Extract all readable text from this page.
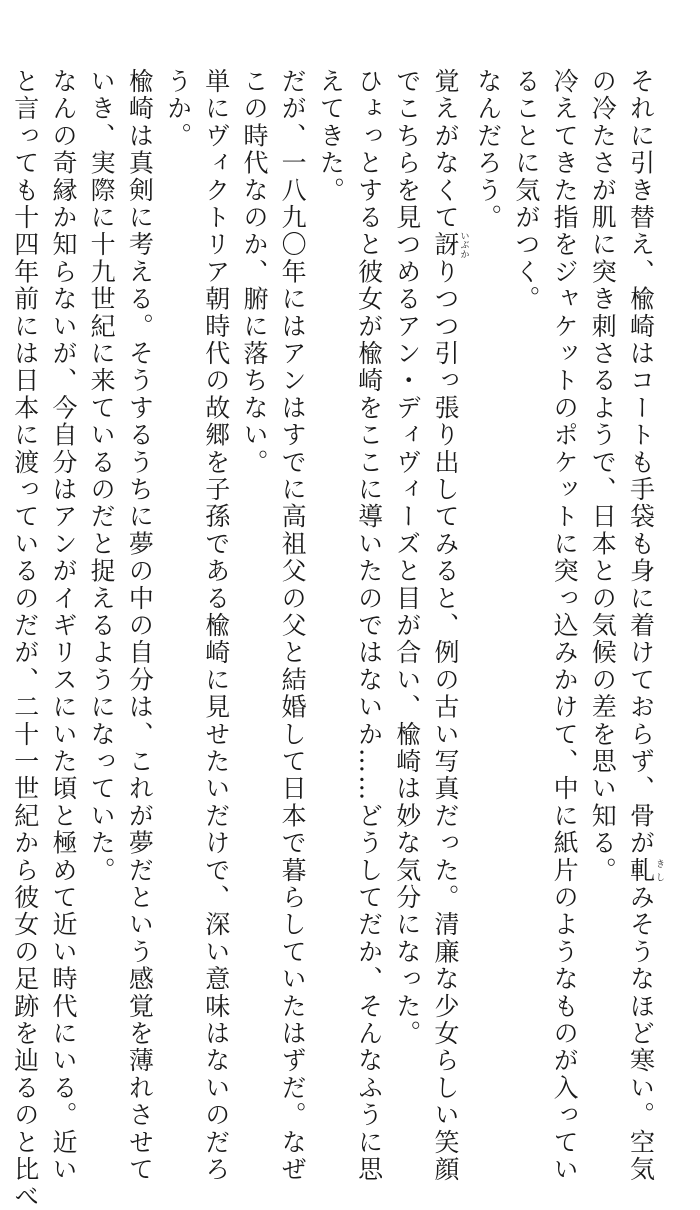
それに引き替え、楡崎はコートも手袋も身に着けておらず、骨が軋きしみそうなほど寒い。空気
の冷たさが肌に突き刺さるようで、日本との気候の差を思い知る。
冷えてきた指をジャケットのポケットに突っ込みかけて、中に紙片のようなものが入ってい
ることに気がつく。
なんだろう。
覚えがなくて訝いぶかりつつ引っ張り出してみると、例の古い写真だった。清廉な少女らしい笑顔
でこちらを見つめるアン・ディヴィーズと目が合い、楡崎は妙な気分になった。
ひょっとすると彼女が楡崎をここに導いたのではないか……どうしてだか、そんなふうに思
えてきた。
だが、一八九〇年にはアンはすでに高祖父の父と結婚して日本で暮らしていたはずだ。なぜ
この時代なのか、腑に落ちない。
単にヴィクトリア朝時代の故郷を子孫である楡崎に見せたいだけで、深い意味はないのだろ
うか。
楡崎は真剣に考える。そうするうちに夢の中の自分は、これが夢だという感覚を薄れさせて
いき、実際に十九世紀に来ているのだと捉えるようになっていた。
なんの奇縁か知らないが、今自分はアンがイギリスにいた頃と極めて近い時代にいる。近い
と言っても十四年前には日本に渡っているのだが、二十一世紀から彼女の足跡を辿るのと比べ
